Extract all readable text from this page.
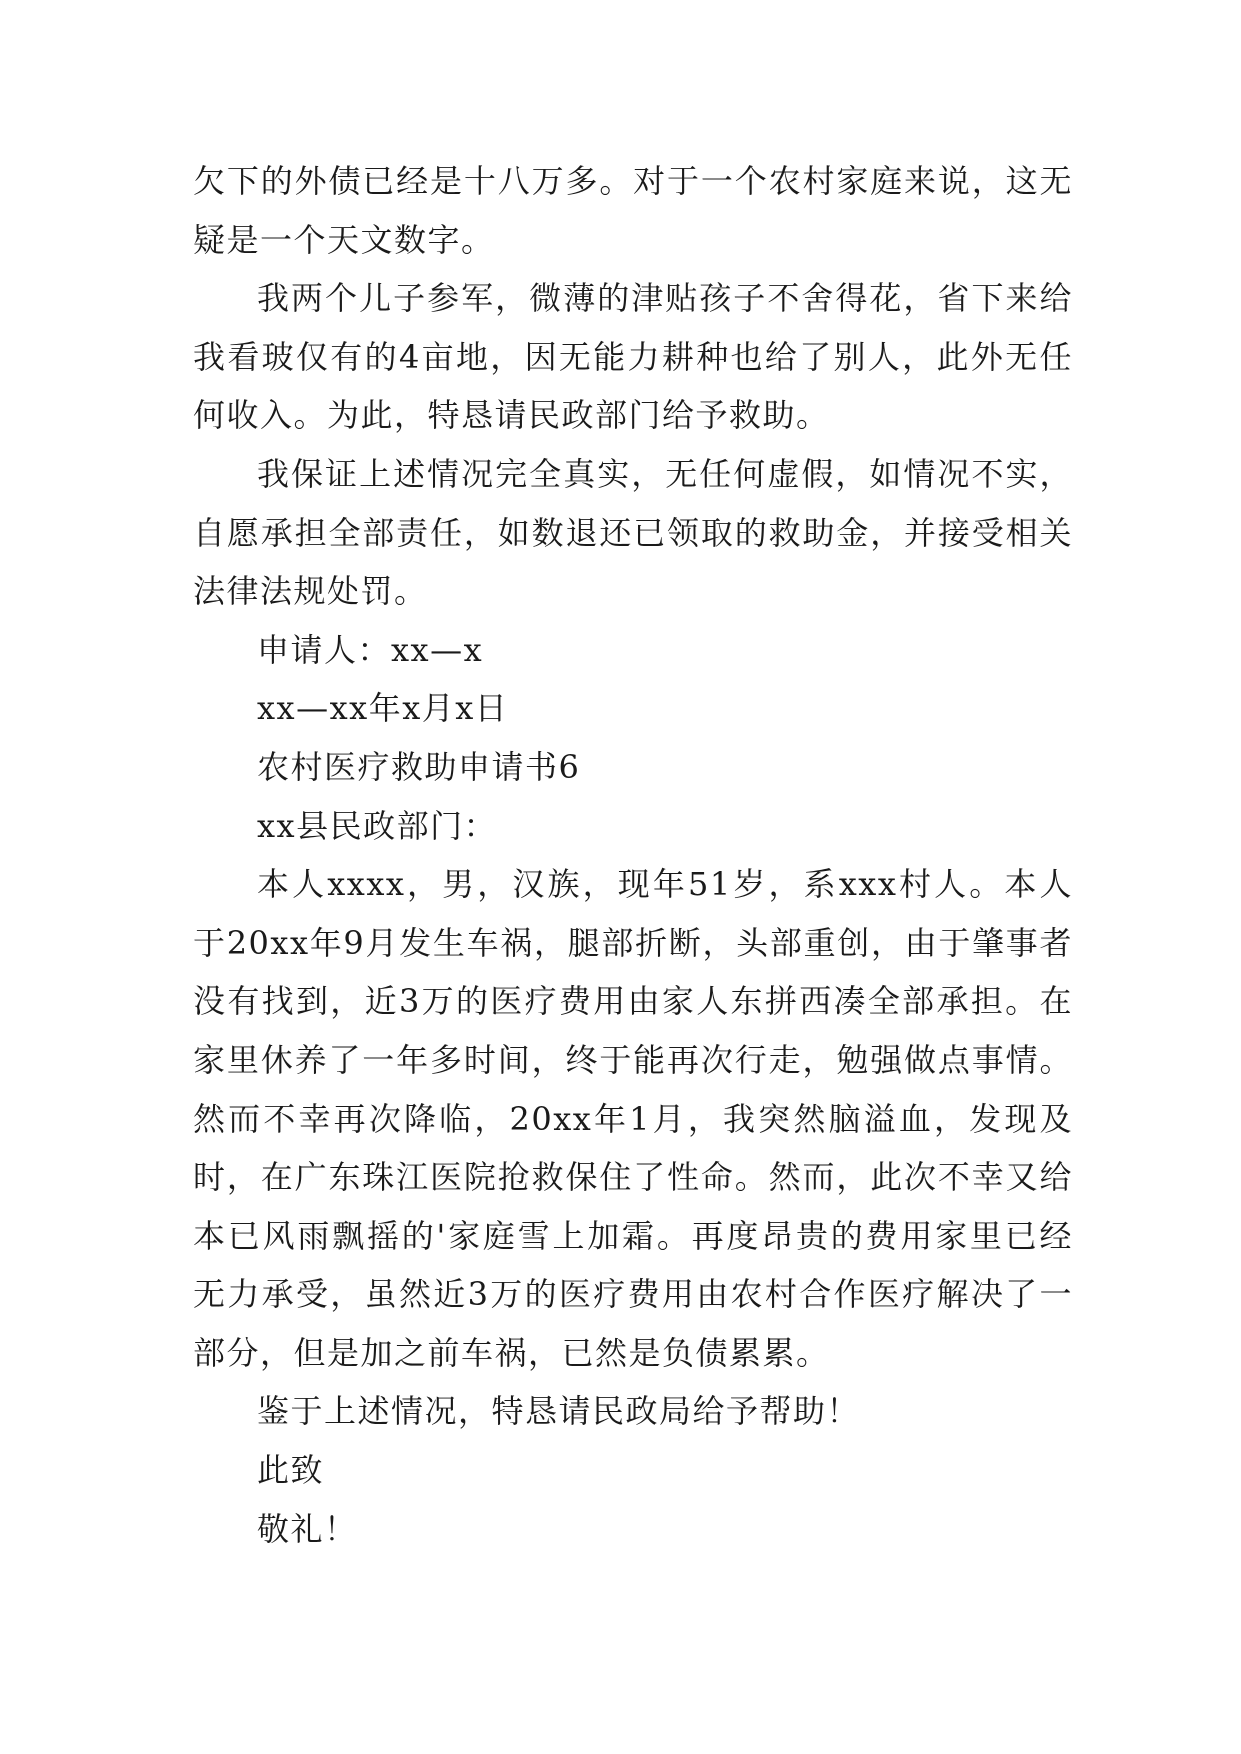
欠下的外债已经是十八万多。对于一个农村家庭来说，这无疑是一个天文数字。

我两个儿子参军，微薄的津贴孩子不舍得花，省下来给我看玻仅有的4亩地，因无能力耕种也给了别人，此外无任何收入。为此，特恳请民政部门给予救助。

我保证上述情况完全真实，无任何虚假，如情况不实，自愿承担全部责任，如数退还已领取的救助金，并接受相关法律法规处罚。

申请人：xx—x

xx—xx年x月x日

农村医疗救助申请书6

xx县民政部门：

本人xxxx，男，汉族，现年51岁，系xxx村人。本人于20xx年9月发生车祸，腿部折断，头部重创，由于肇事者没有找到，近3万的医疗费用由家人东拼西凑全部承担。在家里休养了一年多时间，终于能再次行走，勉强做点事情。然而不幸再次降临，20xx年1月，我突然脑溢血，发现及时，在广东珠江医院抢救保住了性命。然而，此次不幸又给本已风雨飘摇的'家庭雪上加霜。再度昂贵的费用家里已经无力承受，虽然近3万的医疗费用由农村合作医疗解决了一部分，但是加之前车祸，已然是负债累累。

鉴于上述情况，特恳请民政局给予帮助！

此致

敬礼！
